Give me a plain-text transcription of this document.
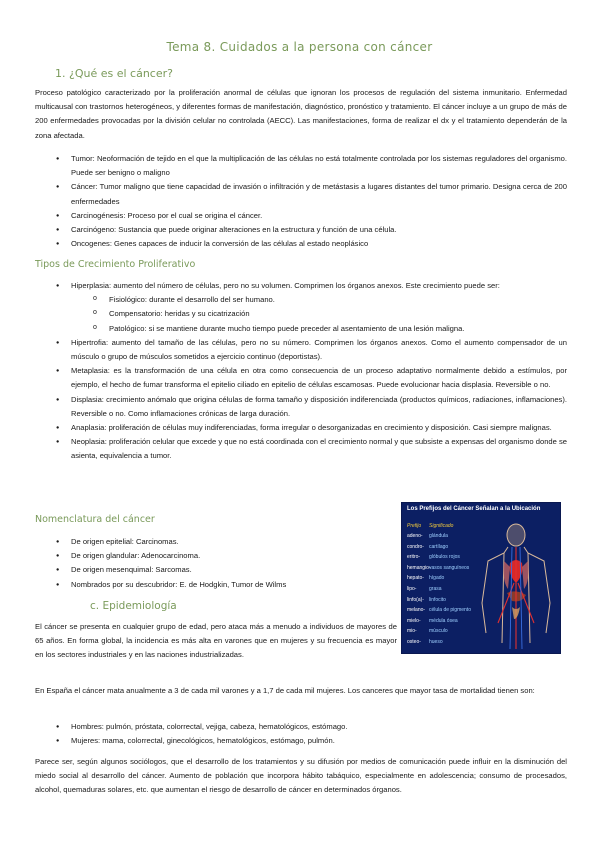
Tema 8. Cuidados a la persona con cáncer
1. ¿Qué es el cáncer?

Proceso patológico caracterizado por la proliferación anormal de células que ignoran los procesos de regulación del sistema inmunitario. Enfermedad multicausal con trastornos heterogéneos, y diferentes formas de manifestación, diagnóstico, pronóstico y tratamiento. El cáncer incluye a un grupo de más de 200 enfermedades provocadas por la división celular no controlada (AECC). Las manifestaciones, forma de realizar el dx y el tratamiento dependerán de la zona afectada.

● Tumor: Neoformación de tejido en el que la multiplicación de las células no está totalmente controlada por los sistemas reguladores del organismo. Puede ser benigno o maligno
● Cáncer: Tumor maligno que tiene capacidad de invasión o infiltración y de metástasis a lugares distantes del tumor primario. Designa cerca de 200 enfermedades
● Carcinogénesis: Proceso por el cual se origina el cáncer.
● Carcinógeno: Sustancia que puede originar alteraciones en la estructura y función de una célula.
● Oncogenes: Genes capaces de inducir la conversión de las células al estado neoplásico
Tipos de Crecimiento Proliferativo
● Hiperplasia: aumento del número de células, pero no su volumen. Comprimen los órganos anexos. Este crecimiento puede ser:
o Fisiológico: durante el desarrollo del ser humano.
o Compensatorio: heridas y su cicatrización
o Patológico: si se mantiene durante mucho tiempo puede preceder al asentamiento de una lesión maligna.
● Hipertrofia: aumento del tamaño de las células, pero no su número. Comprimen los órganos anexos. Como el aumento compensador de un músculo o grupo de músculos sometidos a ejercicio continuo (deportistas).
● Metaplasia: es la transformación de una célula en otra como consecuencia de un proceso adaptativo normalmente debido a estímulos, por ejemplo, el hecho de fumar transforma el epitelio ciliado en epitelio de células escamosas. Puede evolucionar hacia displasia. Reversible o no.
● Displasia: crecimiento anómalo que origina células de forma tamaño y disposición indiferenciada (productos químicos, radiaciones, inflamaciones). Reversible o no. Como inflamaciones crónicas de larga duración.
● Anaplasia: proliferación de células muy indiferenciadas, forma irregular o desorganizadas en crecimiento y disposición. Casi siempre malignas.
● Neoplasia: proliferación celular que excede y que no está coordinada con el crecimiento normal y que subsiste a expensas del organismo donde se asienta, equivalencia a tumor.
Nomenclatura del cáncer
● De origen epitelial: Carcinomas.
● De origen glandular: Adenocarcinoma.
● De origen mesenquimal: Sarcomas.
● Nombrados por su descubridor: E. de Hodgkin, Tumor de Wilms
c. Epidemiología

El cáncer se presenta en cualquier grupo de edad, pero ataca más a menudo a individuos de mayores de 65 años. En forma global, la incidencia es más alta en varones que en mujeres y su frecuencia es mayor en los sectores industriales y en las naciones industrializadas.

En España el cáncer mata anualmente a 3 de cada mil varones y a 1,7 de cada mil mujeres. Los canceres que mayor tasa de mortalidad tienen son:

● Hombres: pulmón, próstata, colorrectal, vejiga, cabeza, hematológicos, estómago.
● Mujeres: mama, colorrectal, ginecológicos, hematológicos, estómago, pulmón.

Parece ser, según algunos sociólogos, que el desarrollo de los tratamientos y su difusión por medios de comunicación puede influir en la disminución del miedo social al desarrollo del cáncer. Aumento de población que incorpora hábito tabáquico, especialmente en adolescencia; consumo de procesados, alcohol, quemaduras solares, etc. que aumentan el riesgo de desarrollo de cáncer en determinados órganos.

Los Prefijos del Cáncer Señalan a la Ubicación
Prefijo Significado
adeno- glándula
condro- cartílago
eritro- glóbulos rojos
hemangio-
vasos sanguíneos
hepato- hígado
lipo-	grasa
linfo(a)- linfocito
melano- célula de pigmento
mielo- médula ósea
mio- músculo
osteo- hueso
